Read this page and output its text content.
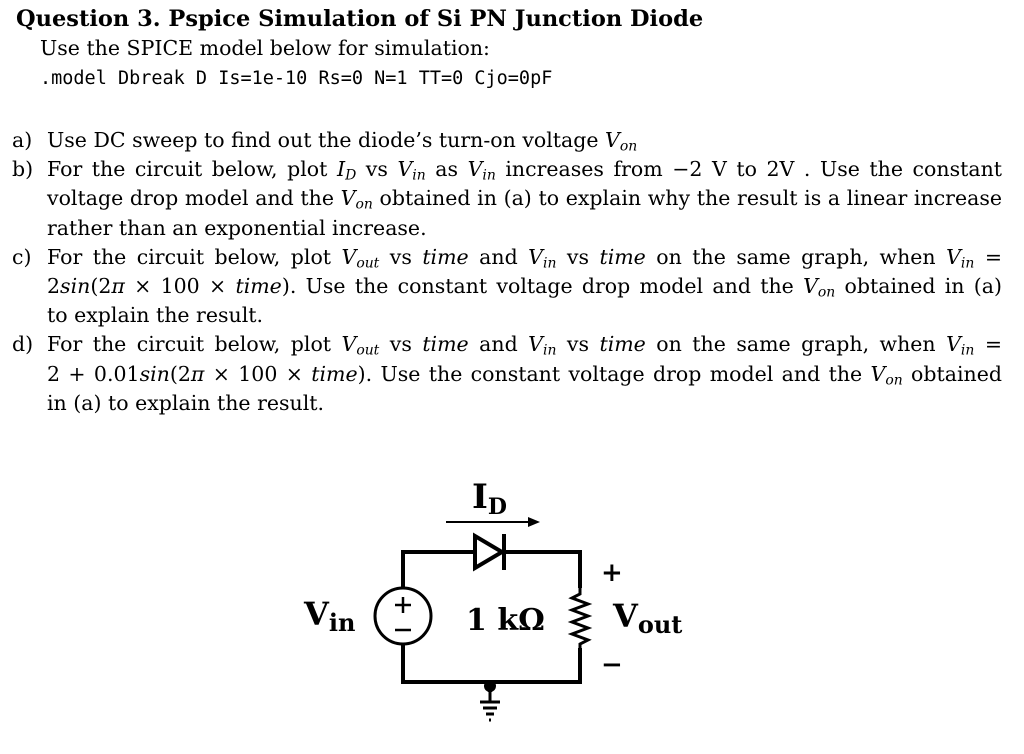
Question 3. Pspice Simulation of Si PN Junction Diode
Use the SPICE model below for simulation:
.model Dbreak D Is=1e-10 Rs=0 N=1 TT=0 Cjo=0pF
a) Use DC sweep to find out the diode’s turn-on voltage $V_{on}$
b) For the circuit below, plot $I_D$ vs $V_{in}$ as $V_{in}$ increases from −2 V to 2V . Use the constant
voltage drop model and the $V_{on}$ obtained in (a) to explain why the result is a linear increase
rather than an exponential increase.
c) For the circuit below, plot $V_{out}$ vs time and $V_{in}$ vs time on the same graph, when $V_{in}$ =
2sin(2π × 100 × time). Use the constant voltage drop model and the $V_{on}$ obtained in (a)
to explain the result.
d) For the circuit below, plot $V_{out}$ vs time and $V_{in}$ vs time on the same graph, when $V_{in}$ =
2 + 0.01sin(2π × 100 × time). Use the constant voltage drop model and the $V_{on}$ obtained
in (a) to explain the result.
ID
Vin	1 kΩ
+
Vout
−
